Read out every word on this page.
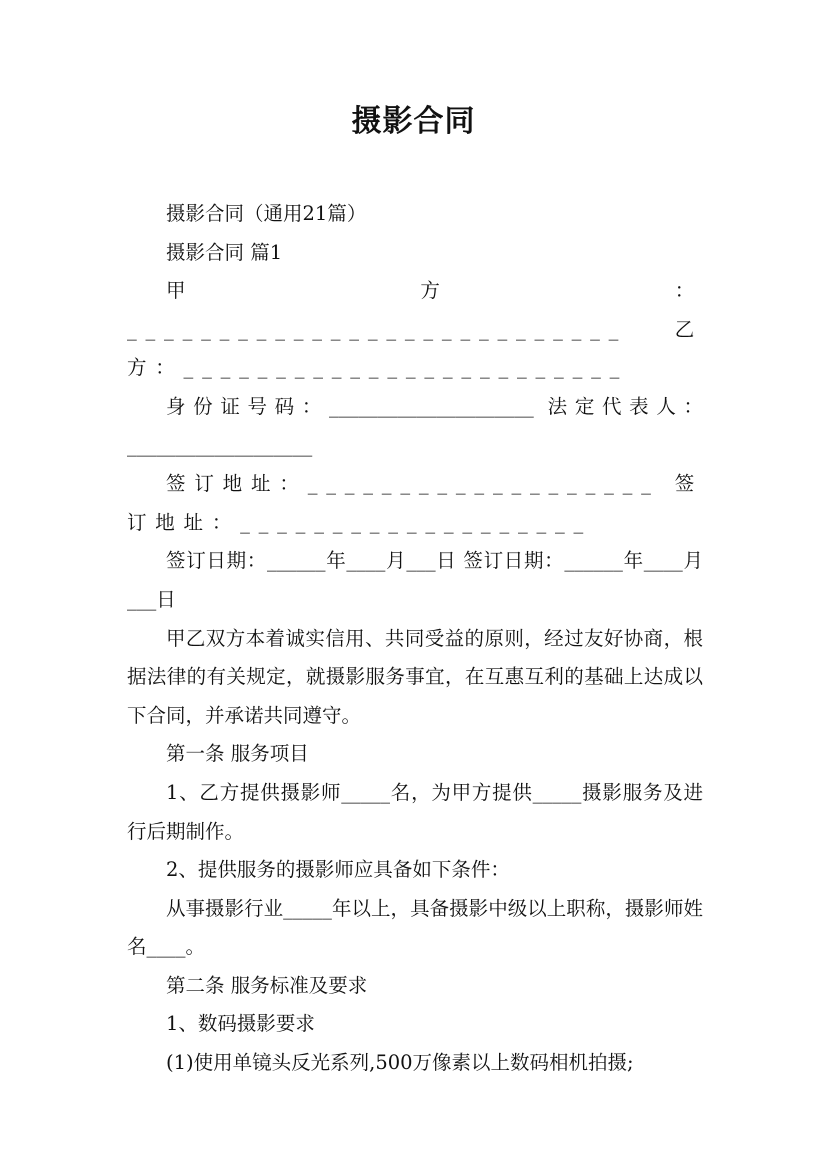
摄影合同

摄影合同（通用21篇）

摄影合同 篇1

甲方：___________________________ 乙方：________________________

身份证号码：_____________________ 法定代表人：___________________

签订地址：___________________ 签订地址：___________________

签订日期：______年____月___日 签订日期：______年____月___日

甲乙双方本着诚实信用、共同受益的原则，经过友好协商，根据法律的有关规定，就摄影服务事宜，在互惠互利的基础上达成以下合同，并承诺共同遵守。

第一条 服务项目

1、乙方提供摄影师_____名，为甲方提供_____摄影服务及进行后期制作。

2、提供服务的摄影师应具备如下条件：

从事摄影行业_____年以上，具备摄影中级以上职称，摄影师姓名____。

第二条 服务标准及要求

1、数码摄影要求

(1)使用单镜头反光系列,500万像素以上数码相机拍摄;
